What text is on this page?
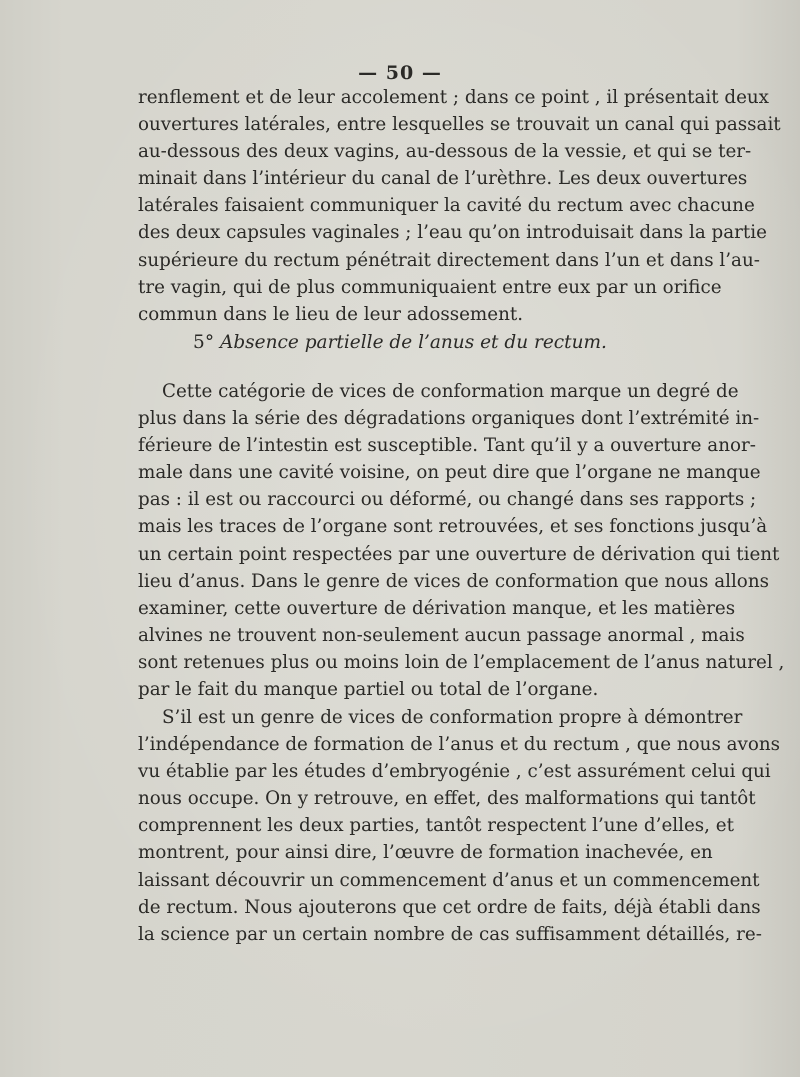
— 50 —
renflement et de leur accolement ; dans ce point , il présentait deux
ouvertures latérales, entre lesquelles se trouvait un canal qui passait
au-dessous des deux vagins, au-dessous de la vessie, et qui se ter-
minait dans l’intérieur du canal de l’urèthre. Les deux ouvertures
latérales faisaient communiquer la cavité du rectum avec chacune
des deux capsules vaginales ; l’eau qu’on introduisait dans la partie
supérieure du rectum pénétrait directement dans l’un et dans l’au-
tre vagin, qui de plus communiquaient entre eux par un orifice
commun dans le lieu de leur adossement.
5° Absence partielle de l’anus et du rectum.
Cette catégorie de vices de conformation marque un degré de
plus dans la série des dégradations organiques dont l’extrémité in-
férieure de l’intestin est susceptible. Tant qu’il y a ouverture anor-
male dans une cavité voisine, on peut dire que l’organe ne manque
pas : il est ou raccourci ou déformé, ou changé dans ses rapports ;
mais les traces de l’organe sont retrouvées, et ses fonctions jusqu’à
un certain point respectées par une ouverture de dérivation qui tient
lieu d’anus. Dans le genre de vices de conformation que nous allons
examiner, cette ouverture de dérivation manque, et les matières
alvines ne trouvent non-seulement aucun passage anormal , mais
sont retenues plus ou moins loin de l’emplacement de l’anus naturel ,
par le fait du manque partiel ou total de l’organe.
S’il est un genre de vices de conformation propre à démontrer
l’indépendance de formation de l’anus et du rectum , que nous avons
vu établie par les études d’embryogénie , c’est assurément celui qui
nous occupe. On y retrouve, en effet, des malformations qui tantôt
comprennent les deux parties, tantôt respectent l’une d’elles, et
montrent, pour ainsi dire, l’œuvre de formation inachevée, en
laissant découvrir un commencement d’anus et un commencement
de rectum. Nous ajouterons que cet ordre de faits, déjà établi dans
la science par un certain nombre de cas suffisamment détaillés, re-
